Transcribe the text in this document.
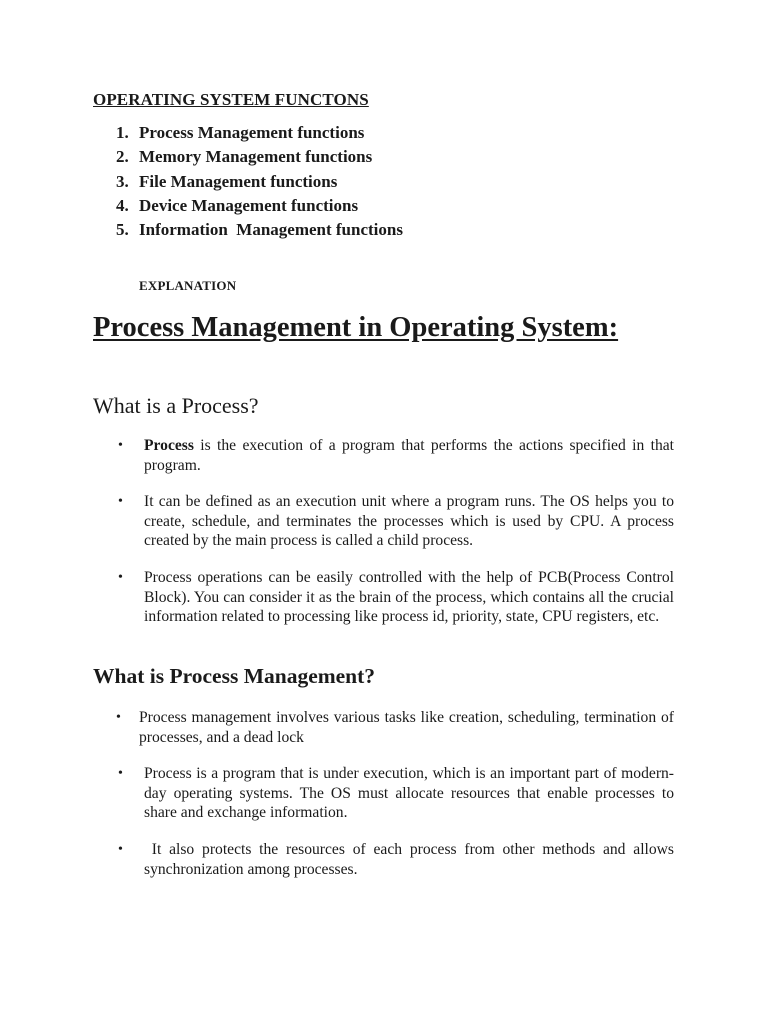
OPERATING SYSTEM FUNCTONS
1. Process Management functions
2. Memory Management functions
3. File Management functions
4. Device Management functions
5. Information  Management functions
EXPLANATION
Process Management in Operating System:
What is a Process?
• Process is the execution of a program that performs the actions specified in that program.
• It can be defined as an execution unit where a program runs. The OS helps you to create, schedule, and terminates the processes which is used by CPU. A process created by the main process is called a child process.
• Process operations can be easily controlled with the help of PCB(Process Control Block). You can consider it as the brain of the process, which contains all the crucial information related to processing like process id, priority, state, CPU registers, etc.
What is Process Management?
• Process management involves various tasks like creation, scheduling, termination of processes, and a dead lock
• Process is a program that is under execution, which is an important part of modern-day operating systems. The OS must allocate resources that enable processes to share and exchange information.
• It also protects the resources of each process from other methods and allows synchronization among processes.
